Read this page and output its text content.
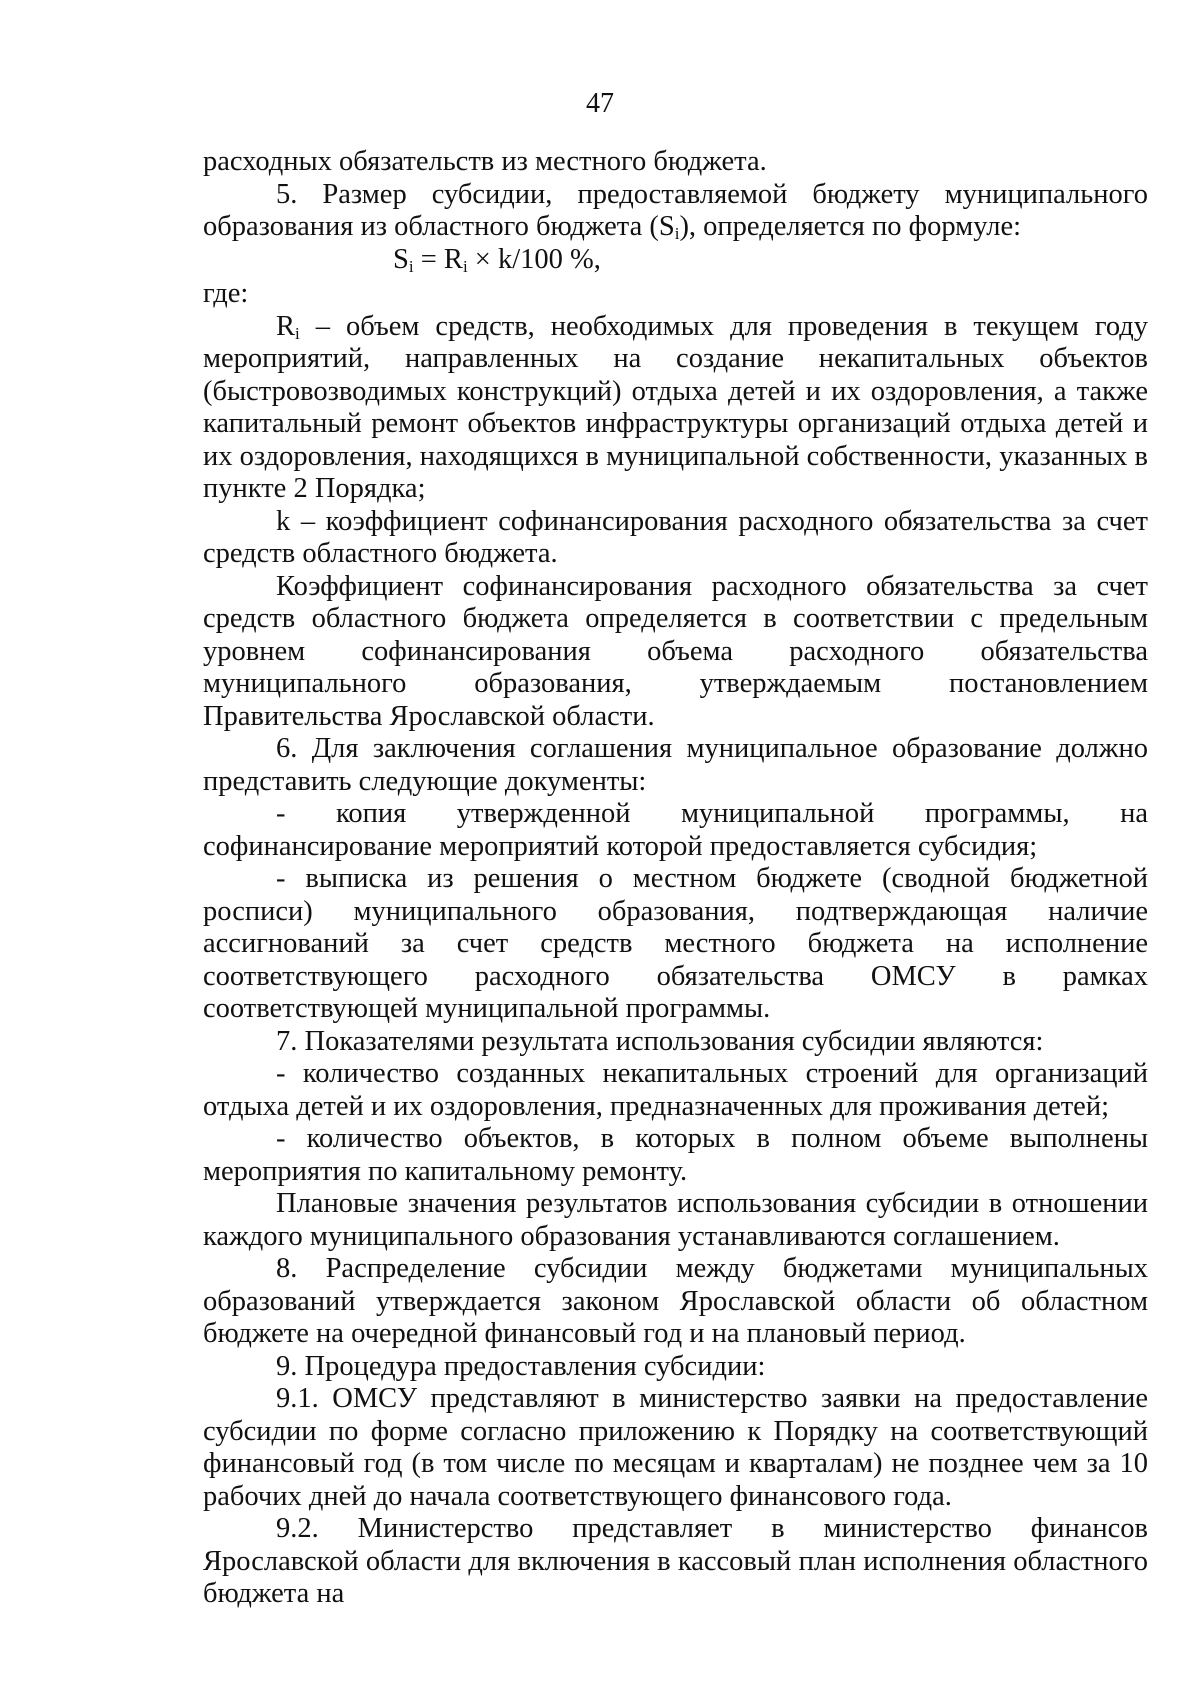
47

расходных обязательств из местного бюджета.

5. Размер субсидии, предоставляемой бюджету муниципального образования из областного бюджета (Si), определяется по формуле:

$S_i = R_i \times k/100$ %,

где:

Ri – объем средств, необходимых для проведения в текущем году мероприятий, направленных на создание некапитальных объектов (быстровозводимых конструкций) отдыха детей и их оздоровления, а также капитальный ремонт объектов инфраструктуры организаций отдыха детей и их оздоровления, находящихся в муниципальной собственности, указанных в пункте 2 Порядка;

k – коэффициент софинансирования расходного обязательства за счет средств областного бюджета.

Коэффициент софинансирования расходного обязательства за счет средств областного бюджета определяется в соответствии с предельным уровнем софинансирования объема расходного обязательства муниципального образования, утверждаемым постановлением Правительства Ярославской области.

6. Для заключения соглашения муниципальное образование должно представить следующие документы:

- копия утвержденной муниципальной программы, на софинансирование мероприятий которой предоставляется субсидия;

- выписка из решения о местном бюджете (сводной бюджетной росписи) муниципального образования, подтверждающая наличие ассигнований за счет средств местного бюджета на исполнение соответствующего расходного обязательства ОМСУ в рамках соответствующей муниципальной программы.

7. Показателями результата использования субсидии являются:

- количество созданных некапитальных строений для организаций отдыха детей и их оздоровления, предназначенных для проживания детей;

- количество объектов, в которых в полном объеме выполнены мероприятия по капитальному ремонту.

Плановые значения результатов использования субсидии в отношении каждого муниципального образования устанавливаются соглашением.

8. Распределение субсидии между бюджетами муниципальных образований утверждается законом Ярославской области об областном бюджете на очередной финансовый год и на плановый период.

9. Процедура предоставления субсидии:

9.1. ОМСУ представляют в министерство заявки на предоставление субсидии по форме согласно приложению к Порядку на соответствующий финансовый год (в том числе по месяцам и кварталам) не позднее чем за 10 рабочих дней до начала соответствующего финансового года.

9.2. Министерство представляет в министерство финансов Ярославской области для включения в кассовый план исполнения областного бюджета на
